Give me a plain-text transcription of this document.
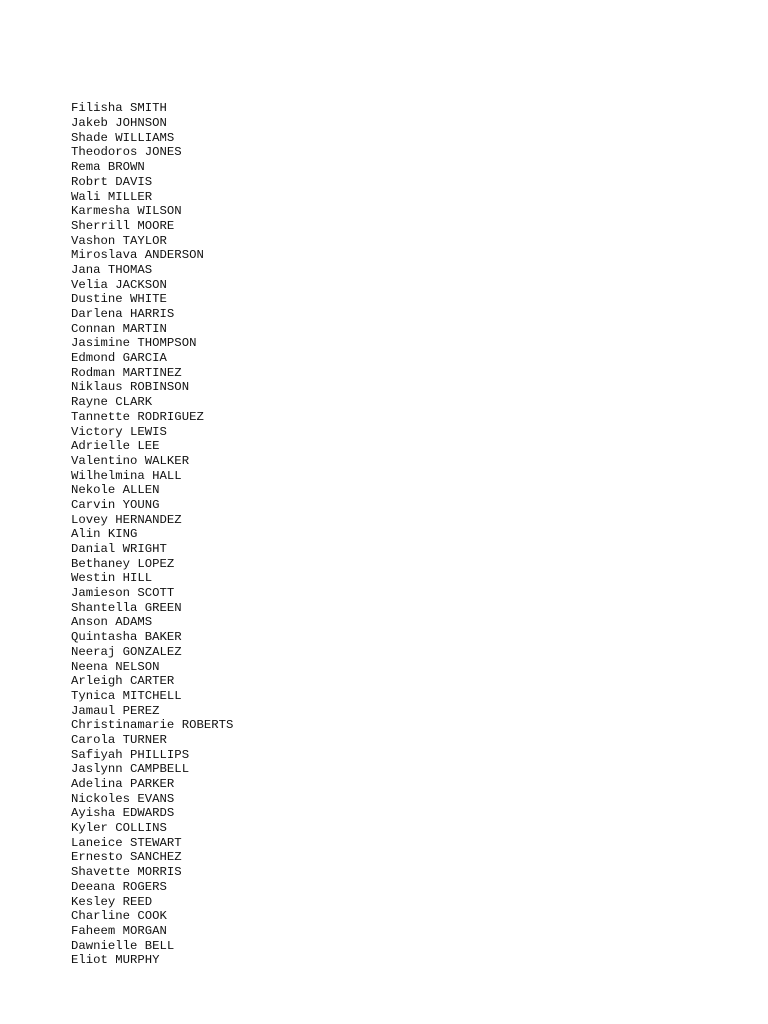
Filisha SMITH
Jakeb JOHNSON
Shade WILLIAMS
Theodoros JONES
Rema BROWN
Robrt DAVIS
Wali MILLER
Karmesha WILSON
Sherrill MOORE
Vashon TAYLOR
Miroslava ANDERSON
Jana THOMAS
Velia JACKSON
Dustine WHITE
Darlena HARRIS
Connan MARTIN
Jasimine THOMPSON
Edmond GARCIA
Rodman MARTINEZ
Niklaus ROBINSON
Rayne CLARK
Tannette RODRIGUEZ
Victory LEWIS
Adrielle LEE
Valentino WALKER
Wilhelmina HALL
Nekole ALLEN
Carvin YOUNG
Lovey HERNANDEZ
Alin KING
Danial WRIGHT
Bethaney LOPEZ
Westin HILL
Jamieson SCOTT
Shantella GREEN
Anson ADAMS
Quintasha BAKER
Neeraj GONZALEZ
Neena NELSON
Arleigh CARTER
Tynica MITCHELL
Jamaul PEREZ
Christinamarie ROBERTS
Carola TURNER
Safiyah PHILLIPS
Jaslynn CAMPBELL
Adelina PARKER
Nickoles EVANS
Ayisha EDWARDS
Kyler COLLINS
Laneice STEWART
Ernesto SANCHEZ
Shavette MORRIS
Deeana ROGERS
Kesley REED
Charline COOK
Faheem MORGAN
Dawnielle BELL
Eliot MURPHY
